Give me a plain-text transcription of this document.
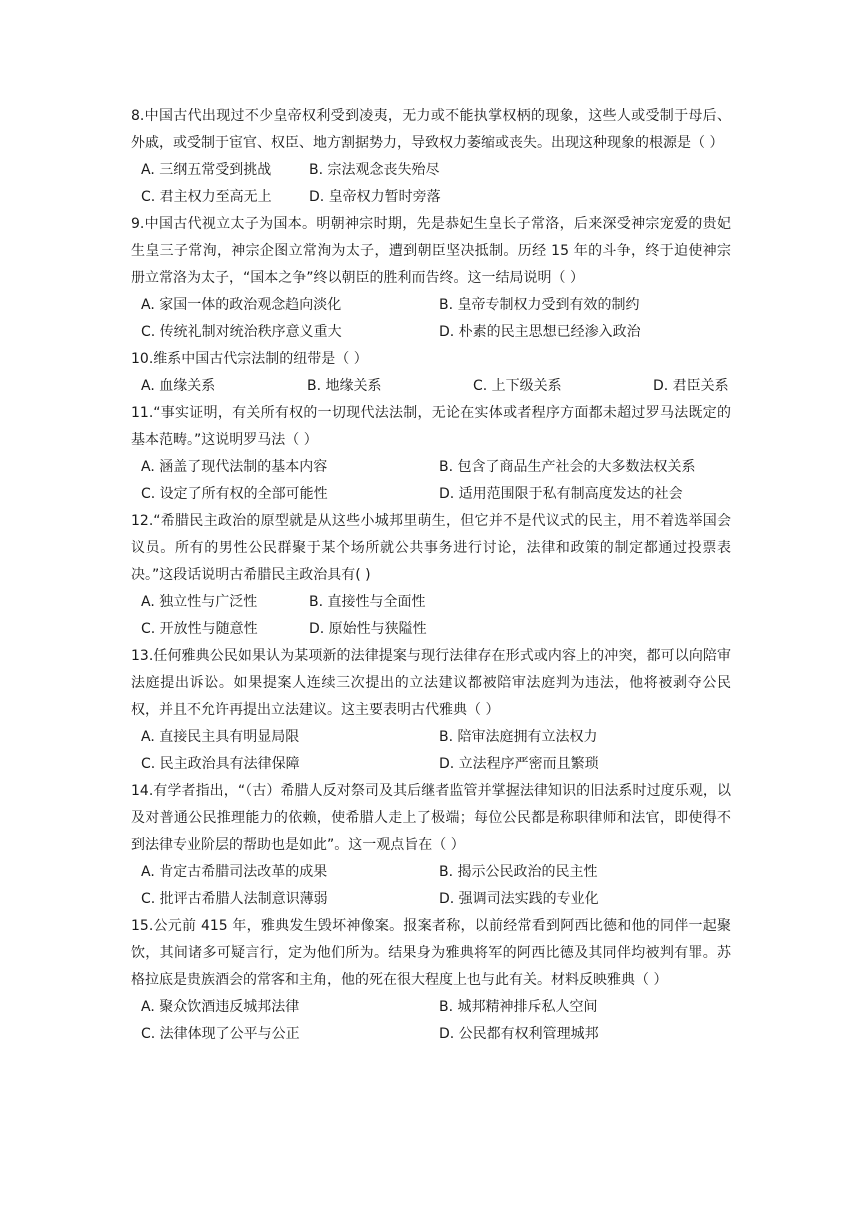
8.中国古代出现过不少皇帝权利受到凌夷，无力或不能执掌权柄的现象，这些人或受制于母后、外戚，或受制于宦官、权臣、地方割据势力，导致权力萎缩或丧失。出现这种现象的根源是（ ）
A. 三纲五常受到挑战	B. 宗法观念丧失殆尽
C. 君主权力至高无上	D. 皇帝权力暂时旁落
9.中国古代视立太子为国本。明朝神宗时期，先是恭妃生皇长子常洛，后来深受神宗宠爱的贵妃生皇三子常洵，神宗企图立常洵为太子，遭到朝臣坚决抵制。历经 15 年的斗争，终于迫使神宗册立常洛为太子，“国本之争”终以朝臣的胜利而告终。这一结局说明（ ）
A. 家国一体的政治观念趋向淡化	B. 皇帝专制权力受到有效的制约
C. 传统礼制对统治秩序意义重大	D. 朴素的民主思想已经渗入政治
10.维系中国古代宗法制的纽带是（ ）
A. 血缘关系	B. 地缘关系	C. 上下级关系	D. 君臣关系
11.“事实证明，有关所有权的一切现代法法制，无论在实体或者程序方面都未超过罗马法既定的基本范畴。”这说明罗马法（ ）
A. 涵盖了现代法制的基本内容	B. 包含了商品生产社会的大多数法权关系
C. 设定了所有权的全部可能性	D. 适用范围限于私有制高度发达的社会
12.“希腊民主政治的原型就是从这些小城邦里萌生，但它并不是代议式的民主，用不着选举国会议员。所有的男性公民群聚于某个场所就公共事务进行讨论，法律和政策的制定都通过投票表决。”这段话说明古希腊民主政治具有( )
A. 独立性与广泛性	B. 直接性与全面性
C. 开放性与随意性	D. 原始性与狭隘性
13.任何雅典公民如果认为某项新的法律提案与现行法律存在形式或内容上的冲突，都可以向陪审法庭提出诉讼。如果提案人连续三次提出的立法建议都被陪审法庭判为违法，他将被剥夺公民权，并且不允许再提出立法建议。这主要表明古代雅典（ ）
A. 直接民主具有明显局限	B. 陪审法庭拥有立法权力
C. 民主政治具有法律保障	D. 立法程序严密而且繁琐
14.有学者指出，“（古）希腊人反对祭司及其后继者监管并掌握法律知识的旧法系时过度乐观，以及对普通公民推理能力的依赖，使希腊人走上了极端；每位公民都是称职律师和法官，即使得不到法律专业阶层的帮助也是如此”。这一观点旨在（ ）
A. 肯定古希腊司法改革的成果	B. 揭示公民政治的民主性
C. 批评古希腊人法制意识薄弱	D. 强调司法实践的专业化
15.公元前 415 年，雅典发生毁坏神像案。报案者称，以前经常看到阿西比德和他的同伴一起聚饮，其间诸多可疑言行，定为他们所为。结果身为雅典将军的阿西比德及其同伴均被判有罪。苏格拉底是贵族酒会的常客和主角，他的死在很大程度上也与此有关。材料反映雅典（ ）
A. 聚众饮酒违反城邦法律	B. 城邦精神排斥私人空间
C. 法律体现了公平与公正	D. 公民都有权利管理城邦
